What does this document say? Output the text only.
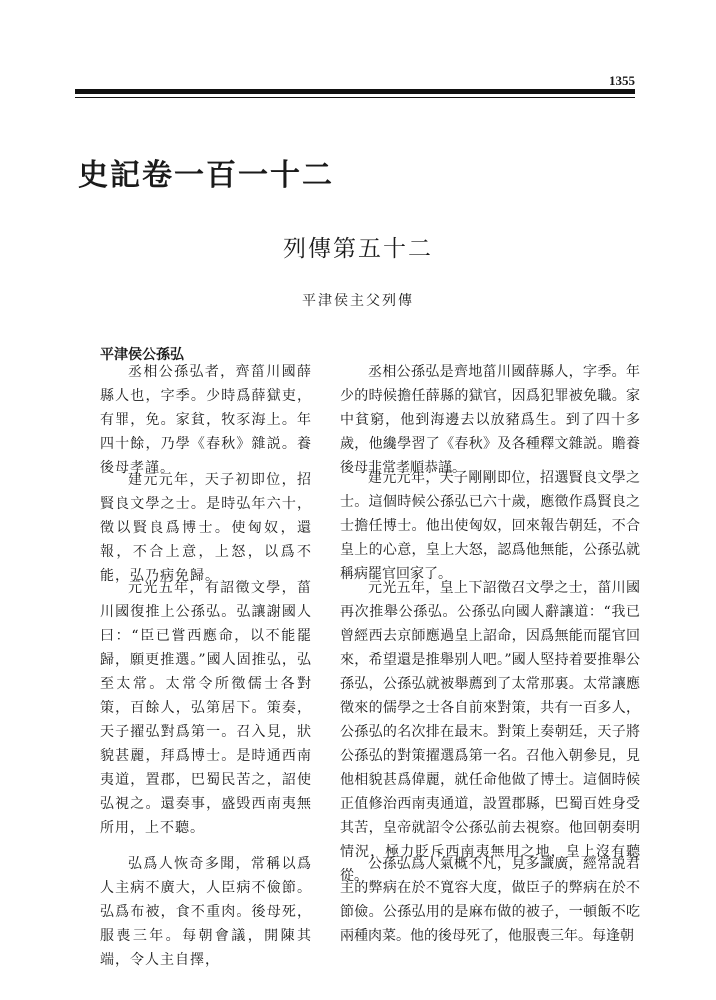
1355
史記卷一百一十二
列傳第五十二
平津侯主父列傳
平津侯公孫弘

丞相公孫弘者，齊菑川國薛縣人也，字季。少時爲薛獄吏，有罪，免。家貧，牧豕海上。年四十餘，乃學《春秋》雜説。養後母孝謹。

建元元年，天子初即位，招賢良文學之士。是時弘年六十，徵以賢良爲博士。使匈奴，還報，不合上意，上怒，以爲不能，弘乃病免歸。

元光五年，有詔徵文學，菑川國復推上公孫弘。弘讓謝國人曰：“臣已嘗西應命，以不能罷歸，願更推選。”國人固推弘，弘至太常。太常令所徵儒士各對策，百餘人，弘第居下。策奏，天子擢弘對爲第一。召入見，狀貌甚麗，拜爲博士。是時通西南夷道，置郡，巴蜀民苦之，詔使弘視之。還奏事，盛毁西南夷無所用，上不聽。

弘爲人恢奇多聞，常稱以爲人主病不廣大，人臣病不儉節。弘爲布被，食不重肉。後母死，服喪三年。每朝會議，開陳其端，令人主自擇，

丞相公孫弘是齊地菑川國薛縣人，字季。年少的時候擔任薛縣的獄官，因爲犯罪被免職。家中貧窮，他到海邊去以放豬爲生。到了四十多歲，他纔學習了《春秋》及各種釋文雜説。贍養後母非常孝順恭謹。

建元元年，天子剛剛即位，招選賢良文學之士。這個時候公孫弘已六十歲，應徵作爲賢良之士擔任博士。他出使匈奴，回來報告朝廷，不合皇上的心意，皇上大怒，認爲他無能，公孫弘就稱病罷官回家了。

元光五年，皇上下詔徵召文學之士，菑川國再次推舉公孫弘。公孫弘向國人辭讓道：“我已曾經西去京師應過皇上詔命，因爲無能而罷官回來，希望還是推舉别人吧。”國人堅持着要推舉公孫弘，公孫弘就被舉薦到了太常那裏。太常讓應徵來的儒學之士各自前來對策，共有一百多人，公孫弘的名次排在最末。對策上奏朝廷，天子將公孫弘的對策擢選爲第一名。召他入朝參見，見他相貌甚爲偉麗，就任命他做了博士。這個時候正值修治西南夷通道，設置郡縣，巴蜀百姓身受其苦，皇帝就詔令公孫弘前去視察。他回朝奏明情況，極力貶斥西南夷無用之地，皇上沒有聽從。

公孫弘爲人氣概不凡，見多識廣，經常説君主的弊病在於不寬容大度，做臣子的弊病在於不節儉。公孫弘用的是麻布做的被子，一頓飯不吃兩種肉菜。他的後母死了，他服喪三年。每逢朝
